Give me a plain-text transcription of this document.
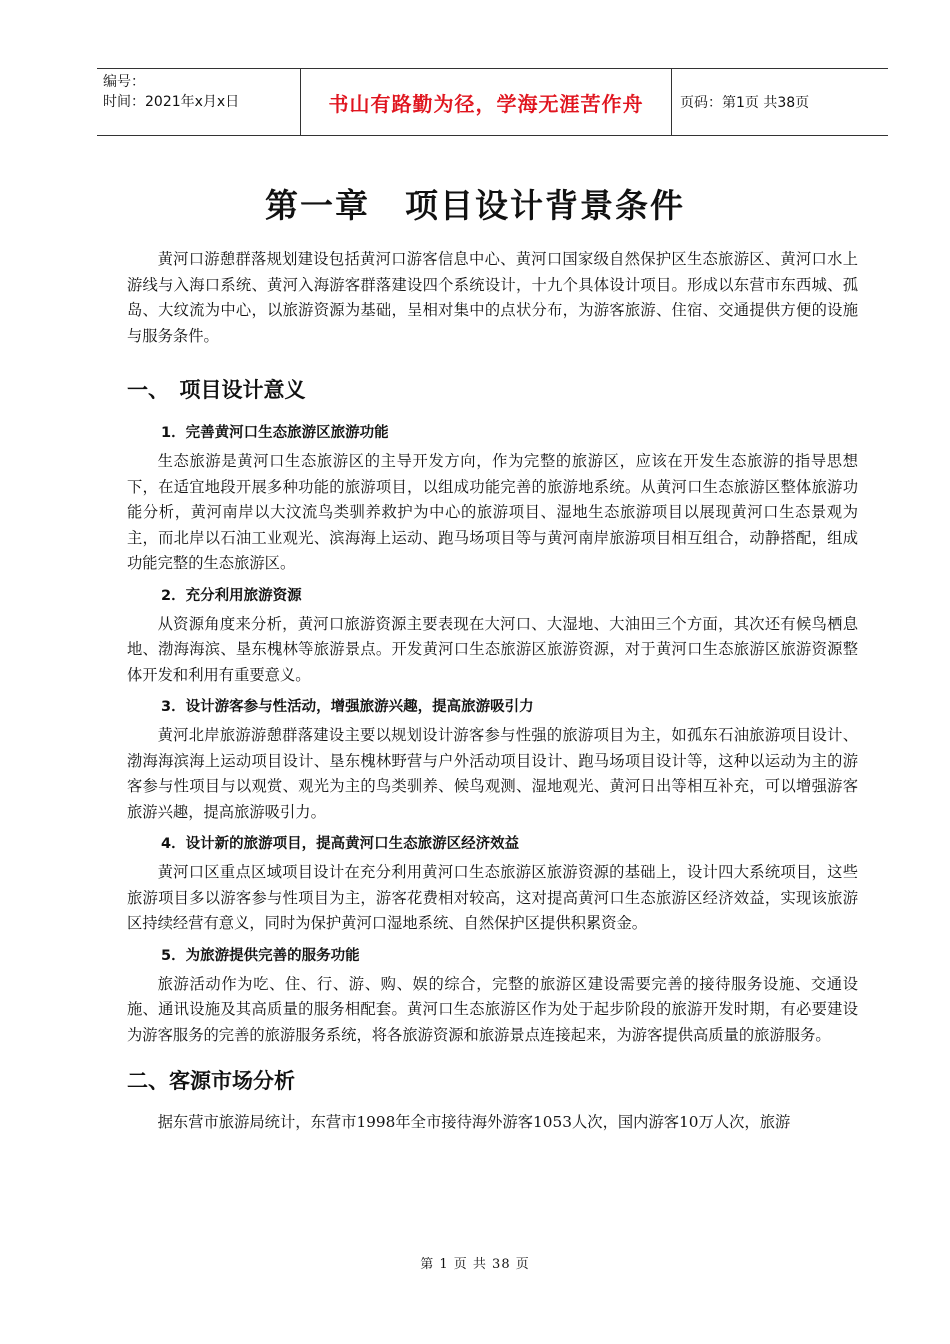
编号：
时间：2021年x月x日	书山有路勤为径，学海无涯苦作舟	页码：第1页 共38页
第一章　项目设计背景条件

黄河口游憩群落规划建设包括黄河口游客信息中心、黄河口国家级自然保护区生态旅游区、黄河口水上游线与入海口系统、黄河入海游客群落建设四个系统设计，十九个具体设计项目。形成以东营市东西城、孤岛、大纹流为中心，以旅游资源为基础，呈相对集中的点状分布，为游客旅游、住宿、交通提供方便的设施与服务条件。

一、　项目设计意义
1．完善黄河口生态旅游区旅游功能

生态旅游是黄河口生态旅游区的主导开发方向，作为完整的旅游区，应该在开发生态旅游的指导思想下，在适宜地段开展多种功能的旅游项目，以组成功能完善的旅游地系统。从黄河口生态旅游区整体旅游功能分析，黄河南岸以大汶流鸟类驯养救护为中心的旅游项目、湿地生态旅游项目以展现黄河口生态景观为主，而北岸以石油工业观光、滨海海上运动、跑马场项目等与黄河南岸旅游项目相互组合，动静搭配，组成功能完整的生态旅游区。

2．充分利用旅游资源

从资源角度来分析，黄河口旅游资源主要表现在大河口、大湿地、大油田三个方面，其次还有候鸟栖息地、渤海海滨、垦东槐林等旅游景点。开发黄河口生态旅游区旅游资源，对于黄河口生态旅游区旅游资源整体开发和利用有重要意义。

3．设计游客参与性活动，增强旅游兴趣，提高旅游吸引力

黄河北岸旅游游憩群落建设主要以规划设计游客参与性强的旅游项目为主，如孤东石油旅游项目设计、渤海海滨海上运动项目设计、垦东槐林野营与户外活动项目设计、跑马场项目设计等，这种以运动为主的游客参与性项目与以观赏、观光为主的鸟类驯养、候鸟观测、湿地观光、黄河日出等相互补充，可以增强游客旅游兴趣，提高旅游吸引力。

4．设计新的旅游项目，提高黄河口生态旅游区经济效益

黄河口区重点区域项目设计在充分利用黄河口生态旅游区旅游资源的基础上，设计四大系统项目，这些旅游项目多以游客参与性项目为主，游客花费相对较高，这对提高黄河口生态旅游区经济效益，实现该旅游区持续经营有意义，同时为保护黄河口湿地系统、自然保护区提供积累资金。

5．为旅游提供完善的服务功能

旅游活动作为吃、住、行、游、购、娱的综合，完整的旅游区建设需要完善的接待服务设施、交通设施、通讯设施及其高质量的服务相配套。黄河口生态旅游区作为处于起步阶段的旅游开发时期，有必要建设为游客服务的完善的旅游服务系统，将各旅游资源和旅游景点连接起来，为游客提供高质量的旅游服务。

二、客源市场分析

据东营市旅游局统计，东营市1998年全市接待海外游客1053人次，国内游客10万人次，旅游

第 1 页 共 38 页
